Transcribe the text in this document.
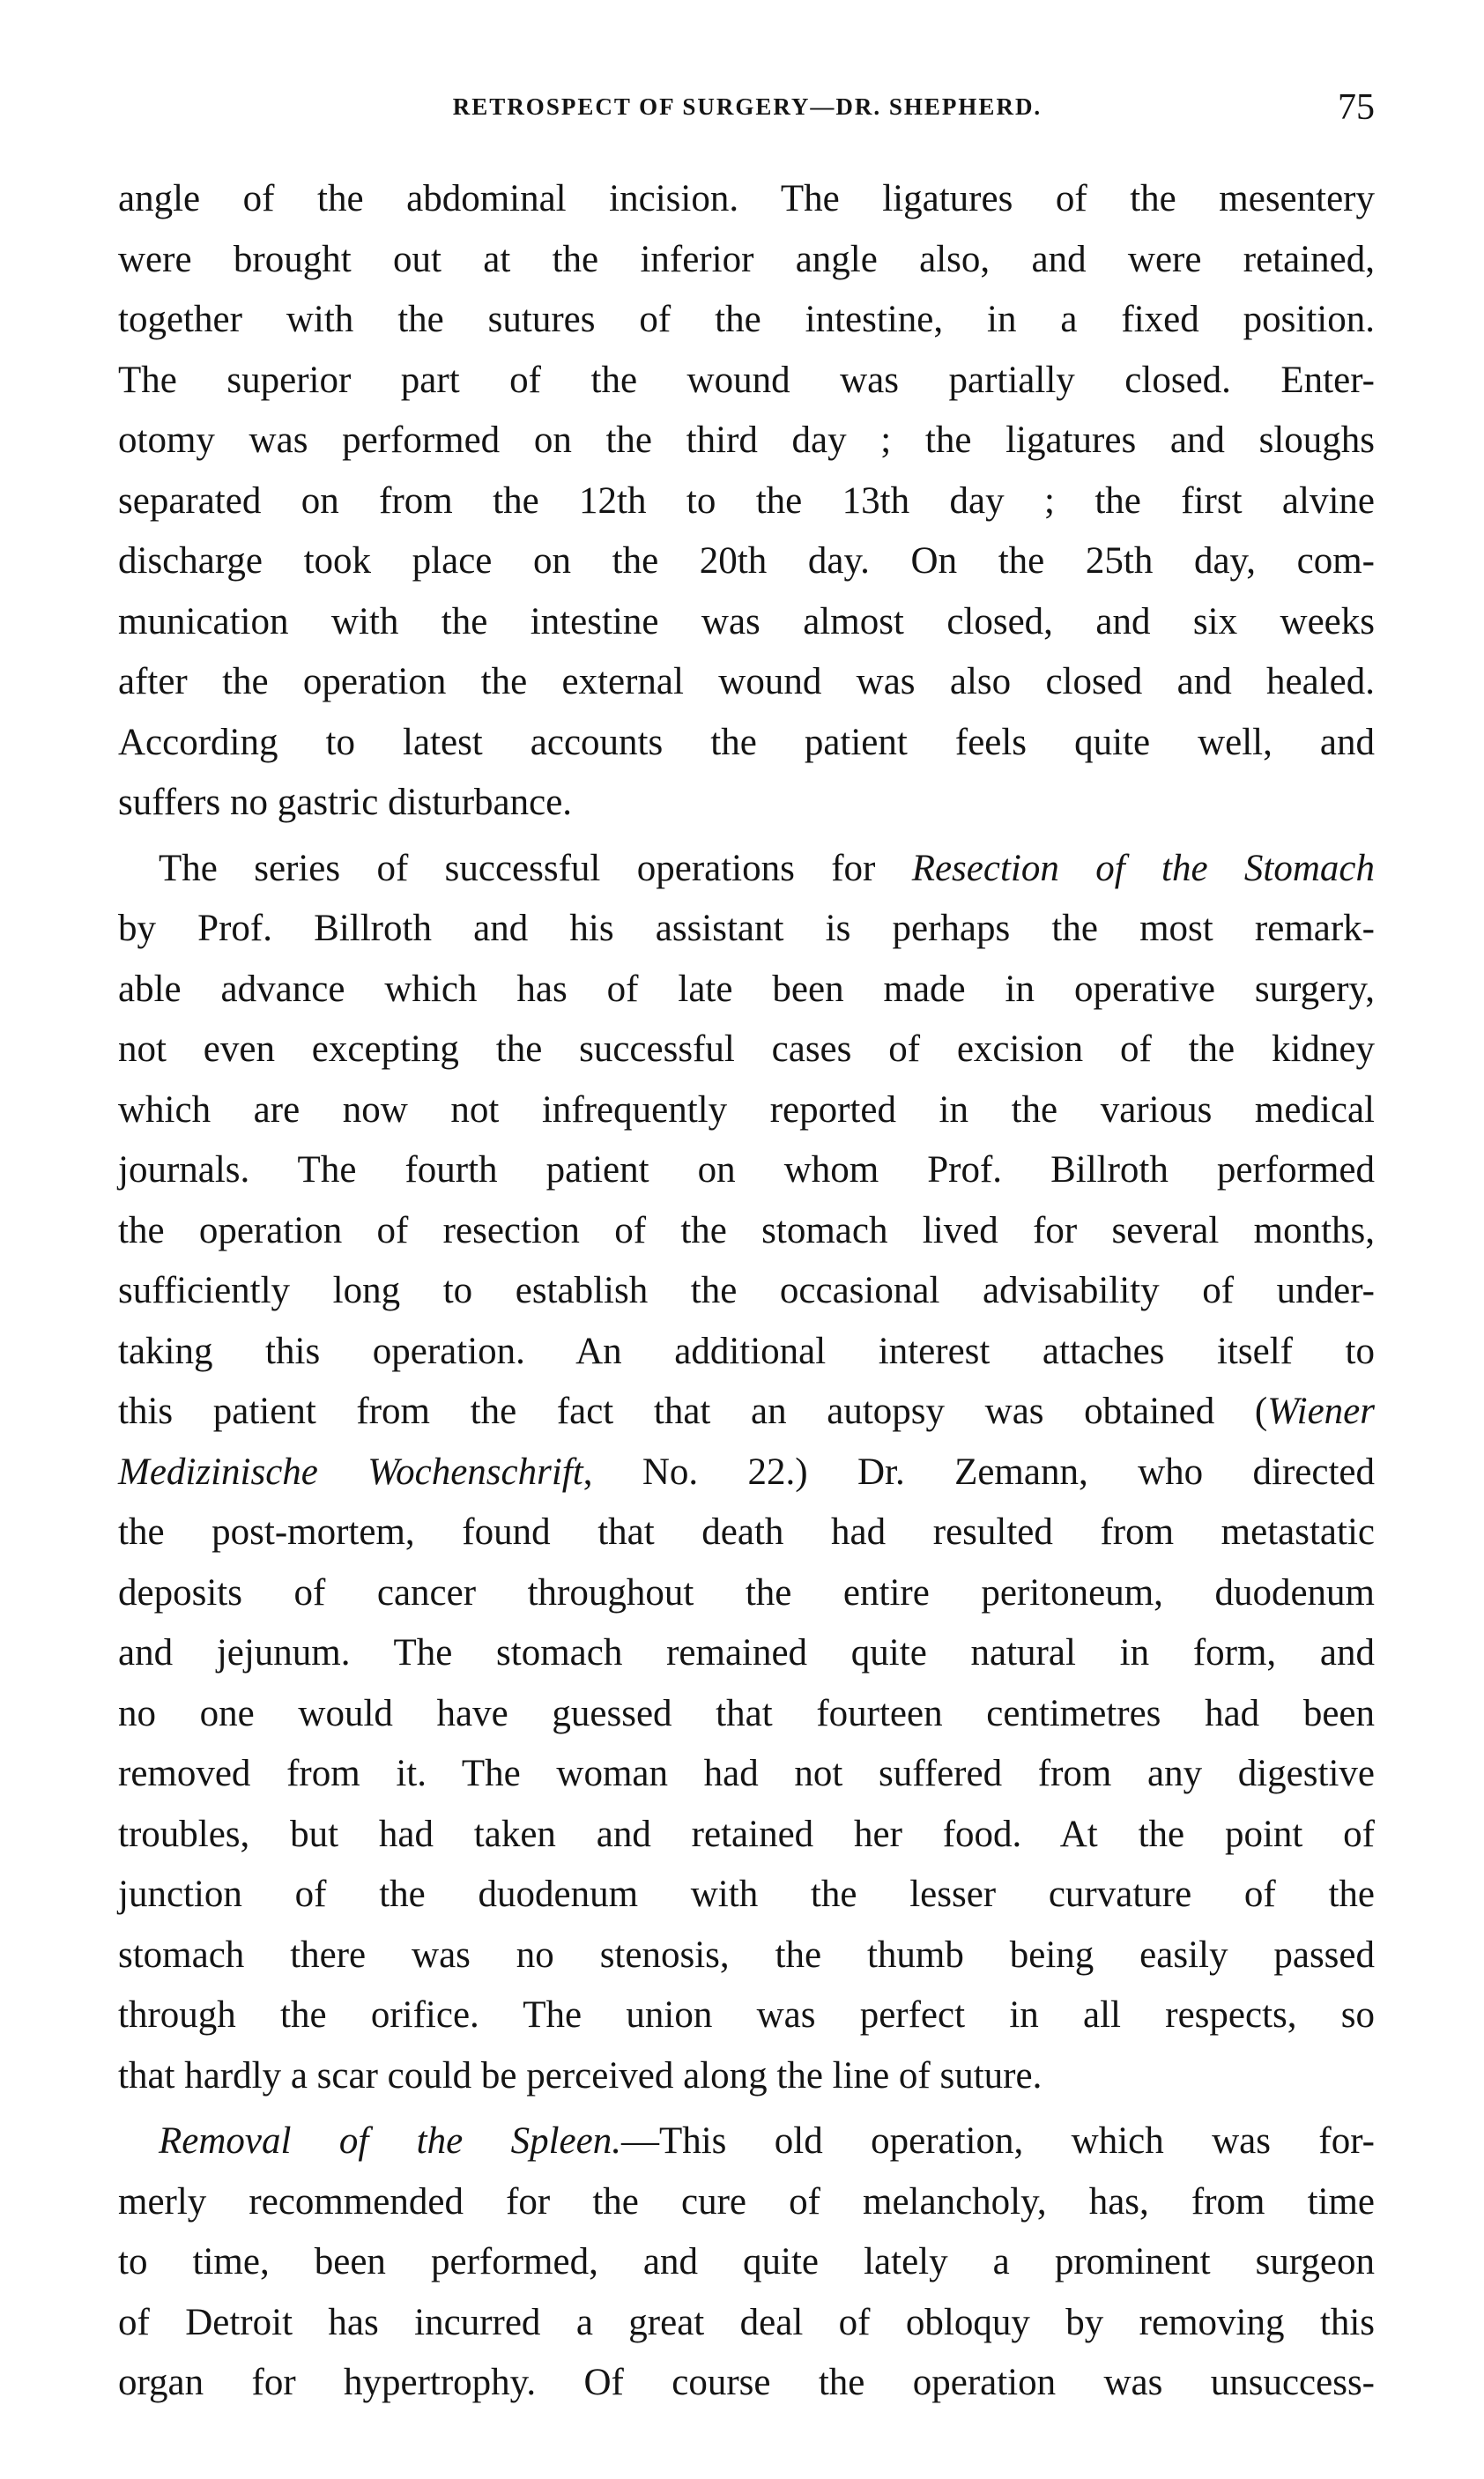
RETROSPECT OF SURGERY—DR. SHEPHERD.	75
angle of the abdominal incision. The ligatures of the mesentery
were brought out at the inferior angle also, and were retained,
together with the sutures of the intestine, in a fixed position.
The superior part of the wound was partially closed. Enter-
otomy was performed on the third day ; the ligatures and sloughs
separated on from the 12th to the 13th day ; the first alvine
discharge took place on the 20th day. On the 25th day, com-
munication with the intestine was almost closed, and six weeks
after the operation the external wound was also closed and healed.
According to latest accounts the patient feels quite well, and
suffers no gastric disturbance.
The series of successful operations for Resection of the Stomach
by Prof. Billroth and his assistant is perhaps the most remark-
able advance which has of late been made in operative surgery,
not even excepting the successful cases of excision of the kidney
which are now not infrequently reported in the various medical
journals. The fourth patient on whom Prof. Billroth performed
the operation of resection of the stomach lived for several months,
sufficiently long to establish the occasional advisability of under-
taking this operation. An additional interest attaches itself to
this patient from the fact that an autopsy was obtained (Wiener
Medizinische Wochenschrift, No. 22.) Dr. Zemann, who directed
the post-mortem, found that death had resulted from metastatic
deposits of cancer throughout the entire peritoneum, duodenum
and jejunum. The stomach remained quite natural in form, and
no one would have guessed that fourteen centimetres had been
removed from it. The woman had not suffered from any digestive
troubles, but had taken and retained her food. At the point of
junction of the duodenum with the lesser curvature of the
stomach there was no stenosis, the thumb being easily passed
through the orifice. The union was perfect in all respects, so
that hardly a scar could be perceived along the line of suture.
Removal of the Spleen.—This old operation, which was for-
merly recommended for the cure of melancholy, has, from time
to time, been performed, and quite lately a prominent surgeon
of Detroit has incurred a great deal of obloquy by removing this
organ for hypertrophy. Of course the operation was unsuccess-
